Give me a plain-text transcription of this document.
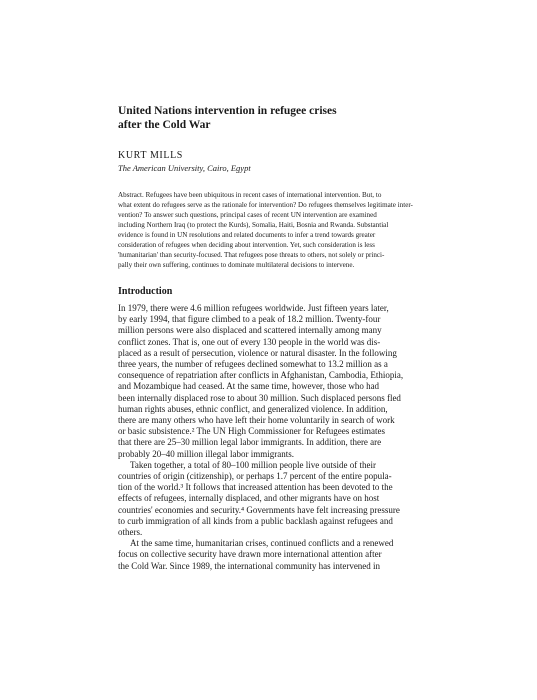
United Nations intervention in refugee crises
after the Cold War
KURT MILLS
The American University, Cairo, Egypt
Abstract. Refugees have been ubiquitous in recent cases of international intervention. But, to
what extent do refugees serve as the rationale for intervention? Do refugees themselves legitimate inter-
vention? To answer such questions, principal cases of recent UN intervention are examined
including Northern Iraq (to protect the Kurds), Somalia, Haiti, Bosnia and Rwanda. Substantial
evidence is found in UN resolutions and related documents to infer a trend towards greater
consideration of refugees when deciding about intervention. Yet, such consideration is less
'humanitarian' than security-focused. That refugees pose threats to others, not solely or princi-
pally their own suffering, continues to dominate multilateral decisions to intervene.
Introduction
In 1979, there were 4.6 million refugees worldwide. Just fifteen years later,
by early 1994, that figure climbed to a peak of 18.2 million. Twenty-four
million persons were also displaced and scattered internally among many
conflict zones. That is, one out of every 130 people in the world was dis-
placed as a result of persecution, violence or natural disaster. In the following
three years, the number of refugees declined somewhat to 13.2 million as a
consequence of repatriation after conflicts in Afghanistan, Cambodia, Ethiopia,
and Mozambique had ceased. At the same time, however, those who had
been internally displaced rose to about 30 million. Such displaced persons fled
human rights abuses, ethnic conflict, and generalized violence. In addition,
there are many others who have left their home voluntarily in search of work
or basic subsistence.² The UN High Commissioner for Refugees estimates
that there are 25–30 million legal labor immigrants. In addition, there are
probably 20–40 million illegal labor immigrants.
Taken together, a total of 80–100 million people live outside of their
countries of origin (citizenship), or perhaps 1.7 percent of the entire popula-
tion of the world.³ It follows that increased attention has been devoted to the
effects of refugees, internally displaced, and other migrants have on host
countries' economies and security.⁴ Governments have felt increasing pressure
to curb immigration of all kinds from a public backlash against refugees and
others.
At the same time, humanitarian crises, continued conflicts and a renewed
focus on collective security have drawn more international attention after
the Cold War. Since 1989, the international community has intervened in
